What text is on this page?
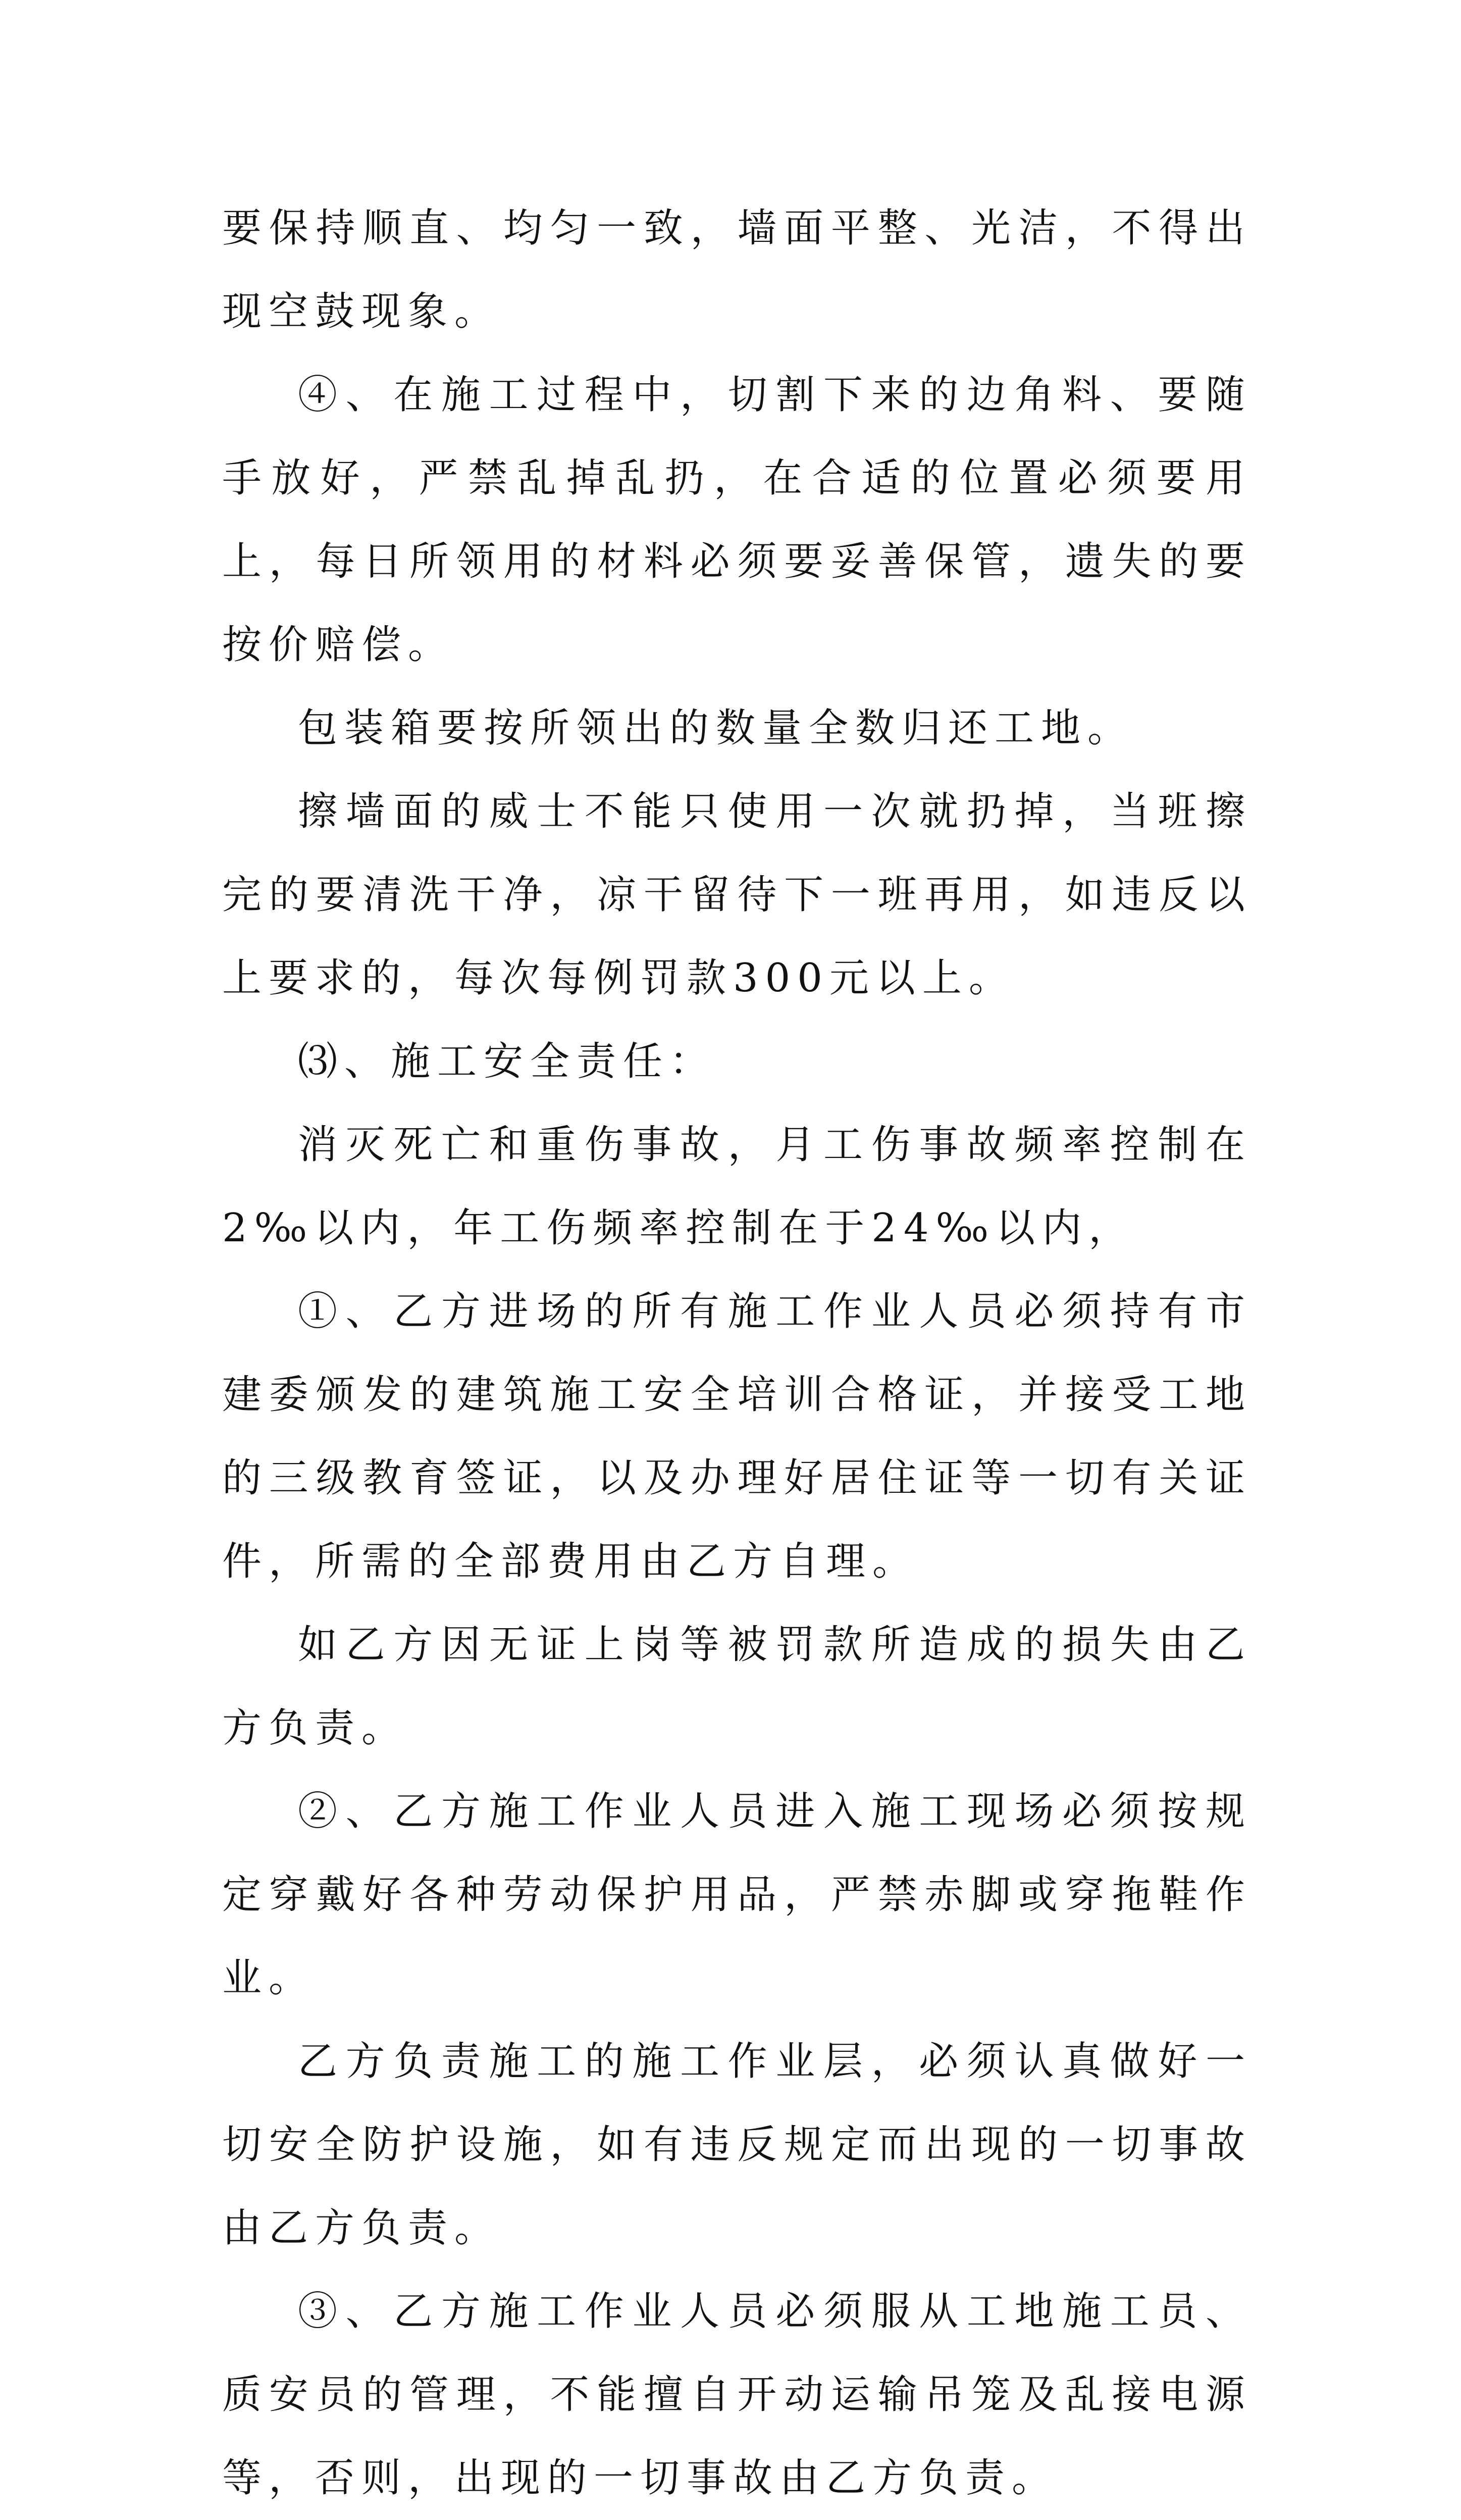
要保持顺直、均匀一致，墙面平整、光洁，不得出现空鼓现象。

④、在施工过程中，切割下来的边角料、要随手放好，严禁乱掉乱扔，在合适的位置必须要用上，每日所领用的材料必须要妥善保管，遗失的要按价赔偿。

包装箱要按所领出的数量全数归还工地。

擦墙面的威士不能只使用一次就扔掉，当班擦完的要清洗干净，凉干留待下一班再用，如违反以上要求的，每次每例罚款300元以上。

⑶、施工安全责任：

消灭死亡和重伤事故，月工伤事故频率控制在2‰以内，年工伤频率控制在于24‰以内，

①、乙方进场的所有施工作业人员必须持有市建委颁发的建筑施工安全培训合格证，并接受工地的三级教育签证，以及办理好居住证等一切有关证件，所需的全部费用由乙方自理。

如乙方因无证上岗等被罚款所造成的损失由乙方负责。

②、乙方施工作业人员进入施工现场必须按规定穿戴好各种劳动保护用品，严禁赤脚或穿拖鞋作业。

乙方负责施工的施工作业层，必须认真做好一切安全防护设施，如有违反规定而出现的一切事故由乙方负责。

③、乙方施工作业人员必须服从工地施工员、质安员的管理，不能擅自开动运输吊笼及乱接电源等，否则，出现的一切事故由乙方负责。
